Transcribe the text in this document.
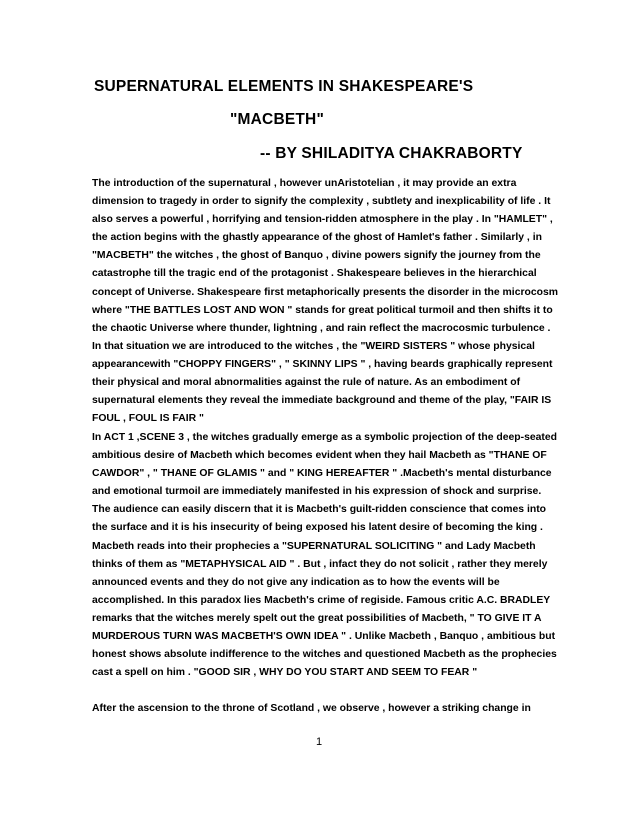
SUPERNATURAL ELEMENTS IN SHAKESPEARE'S
"MACBETH"
-- BY SHILADITYA CHAKRABORTY

The introduction of the supernatural , however unAristotelian , it may provide an extra
dimension to tragedy in order to signify the complexity , subtlety and inexplicability of life . It
also serves a powerful , horrifying and tension-ridden atmosphere in the play . In "HAMLET" ,
the action begins with the ghastly appearance of the ghost of Hamlet's father . Similarly , in
"MACBETH" the witches , the ghost of Banquo , divine powers signify the journey from the
catastrophe till the tragic end of the protagonist . Shakespeare believes in the hierarchical
concept of Universe. Shakespeare first metaphorically presents the disorder in the microcosm
where "THE BATTLES LOST AND WON " stands for great political turmoil and then shifts it to
the chaotic Universe where thunder, lightning , and rain reflect the macrocosmic turbulence .
In that situation we are introduced to the witches , the "WEIRD SISTERS " whose physical
appearancewith "CHOPPY FINGERS" , " SKINNY LIPS " , having beards graphically represent
their physical and moral abnormalities against the rule of nature. As an embodiment of
supernatural elements they reveal the immediate background and theme of the play, "FAIR IS
FOUL , FOUL IS FAIR "

In ACT 1 ,SCENE 3 , the witches gradually emerge as a symbolic projection of the deep-seated
ambitious desire of Macbeth which becomes evident when they hail Macbeth as "THANE OF
CAWDOR" , " THANE OF GLAMIS " and " KING HEREAFTER " .Macbeth's mental disturbance
and emotional turmoil are immediately manifested in his expression of shock and surprise.
The audience can easily discern that it is Macbeth's guilt-ridden conscience that comes into
the surface and it is his insecurity of being exposed his latent desire of becoming the king .
Macbeth reads into their prophecies a "SUPERNATURAL SOLICITING " and Lady Macbeth
thinks of them as "METAPHYSICAL AID " . But , infact they do not solicit , rather they merely
announced events and they do not give any indication as to how the events will be
accomplished. In this paradox lies Macbeth's crime of regiside. Famous critic A.C. BRADLEY
remarks that the witches merely spelt out the great possibilities of Macbeth, " TO GIVE IT A
MURDEROUS TURN WAS MACBETH'S OWN IDEA " . Unlike Macbeth , Banquo , ambitious but
honest shows absolute indifference to the witches and questioned Macbeth as the prophecies
cast a spell on him . "GOOD SIR , WHY DO YOU START AND SEEM TO FEAR "

After the ascension to the throne of Scotland , we observe , however a striking change in

1
